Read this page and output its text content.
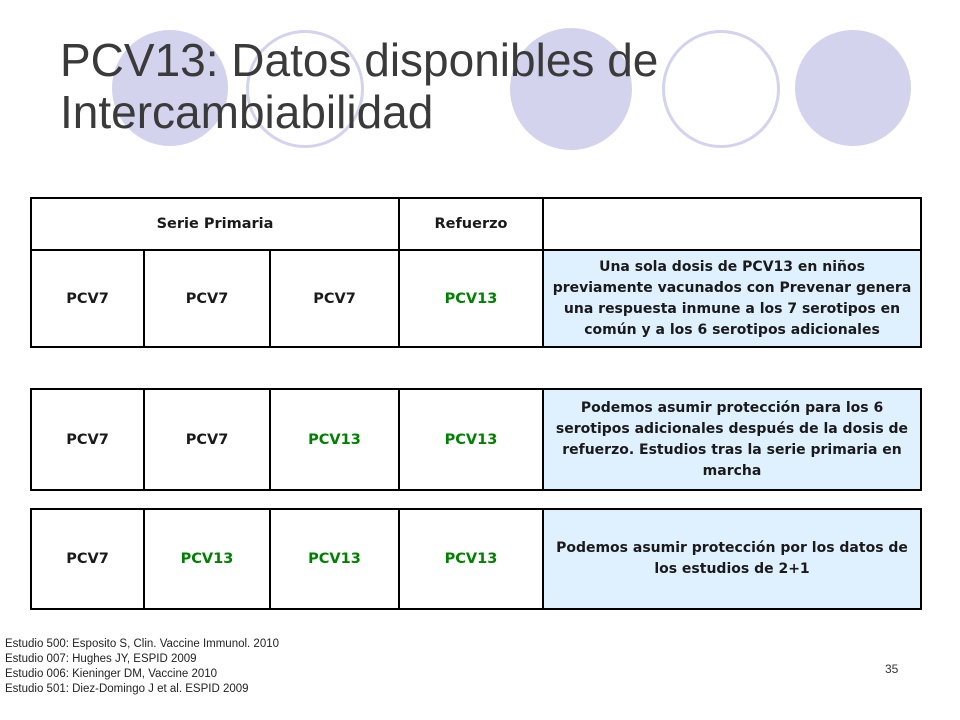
PCV13: Datos disponibles de
Intercambiabilidad
Serie Primaria			Refuerzo	
PCV7	PCV7	PCV7	PCV13	Una sola dosis de PCV13 en niños previamente vacunados con Prevenar genera una respuesta inmune a los 7 serotipos en común y a los 6 serotipos adicionales
PCV7	PCV7	PCV13	PCV13	Podemos asumir protección para los 6 serotipos adicionales después de la dosis de refuerzo. Estudios tras la serie primaria en marcha
PCV7	PCV13	PCV13	PCV13	Podemos asumir protección por los datos de los estudios de 2+1
Estudio 500: Esposito S, Clin. Vaccine Immunol. 2010
Estudio 007: Hughes JY, ESPID 2009
Estudio 006: Kieninger DM, Vaccine 2010
Estudio 501: Diez-Domingo J et al. ESPID 2009
35
